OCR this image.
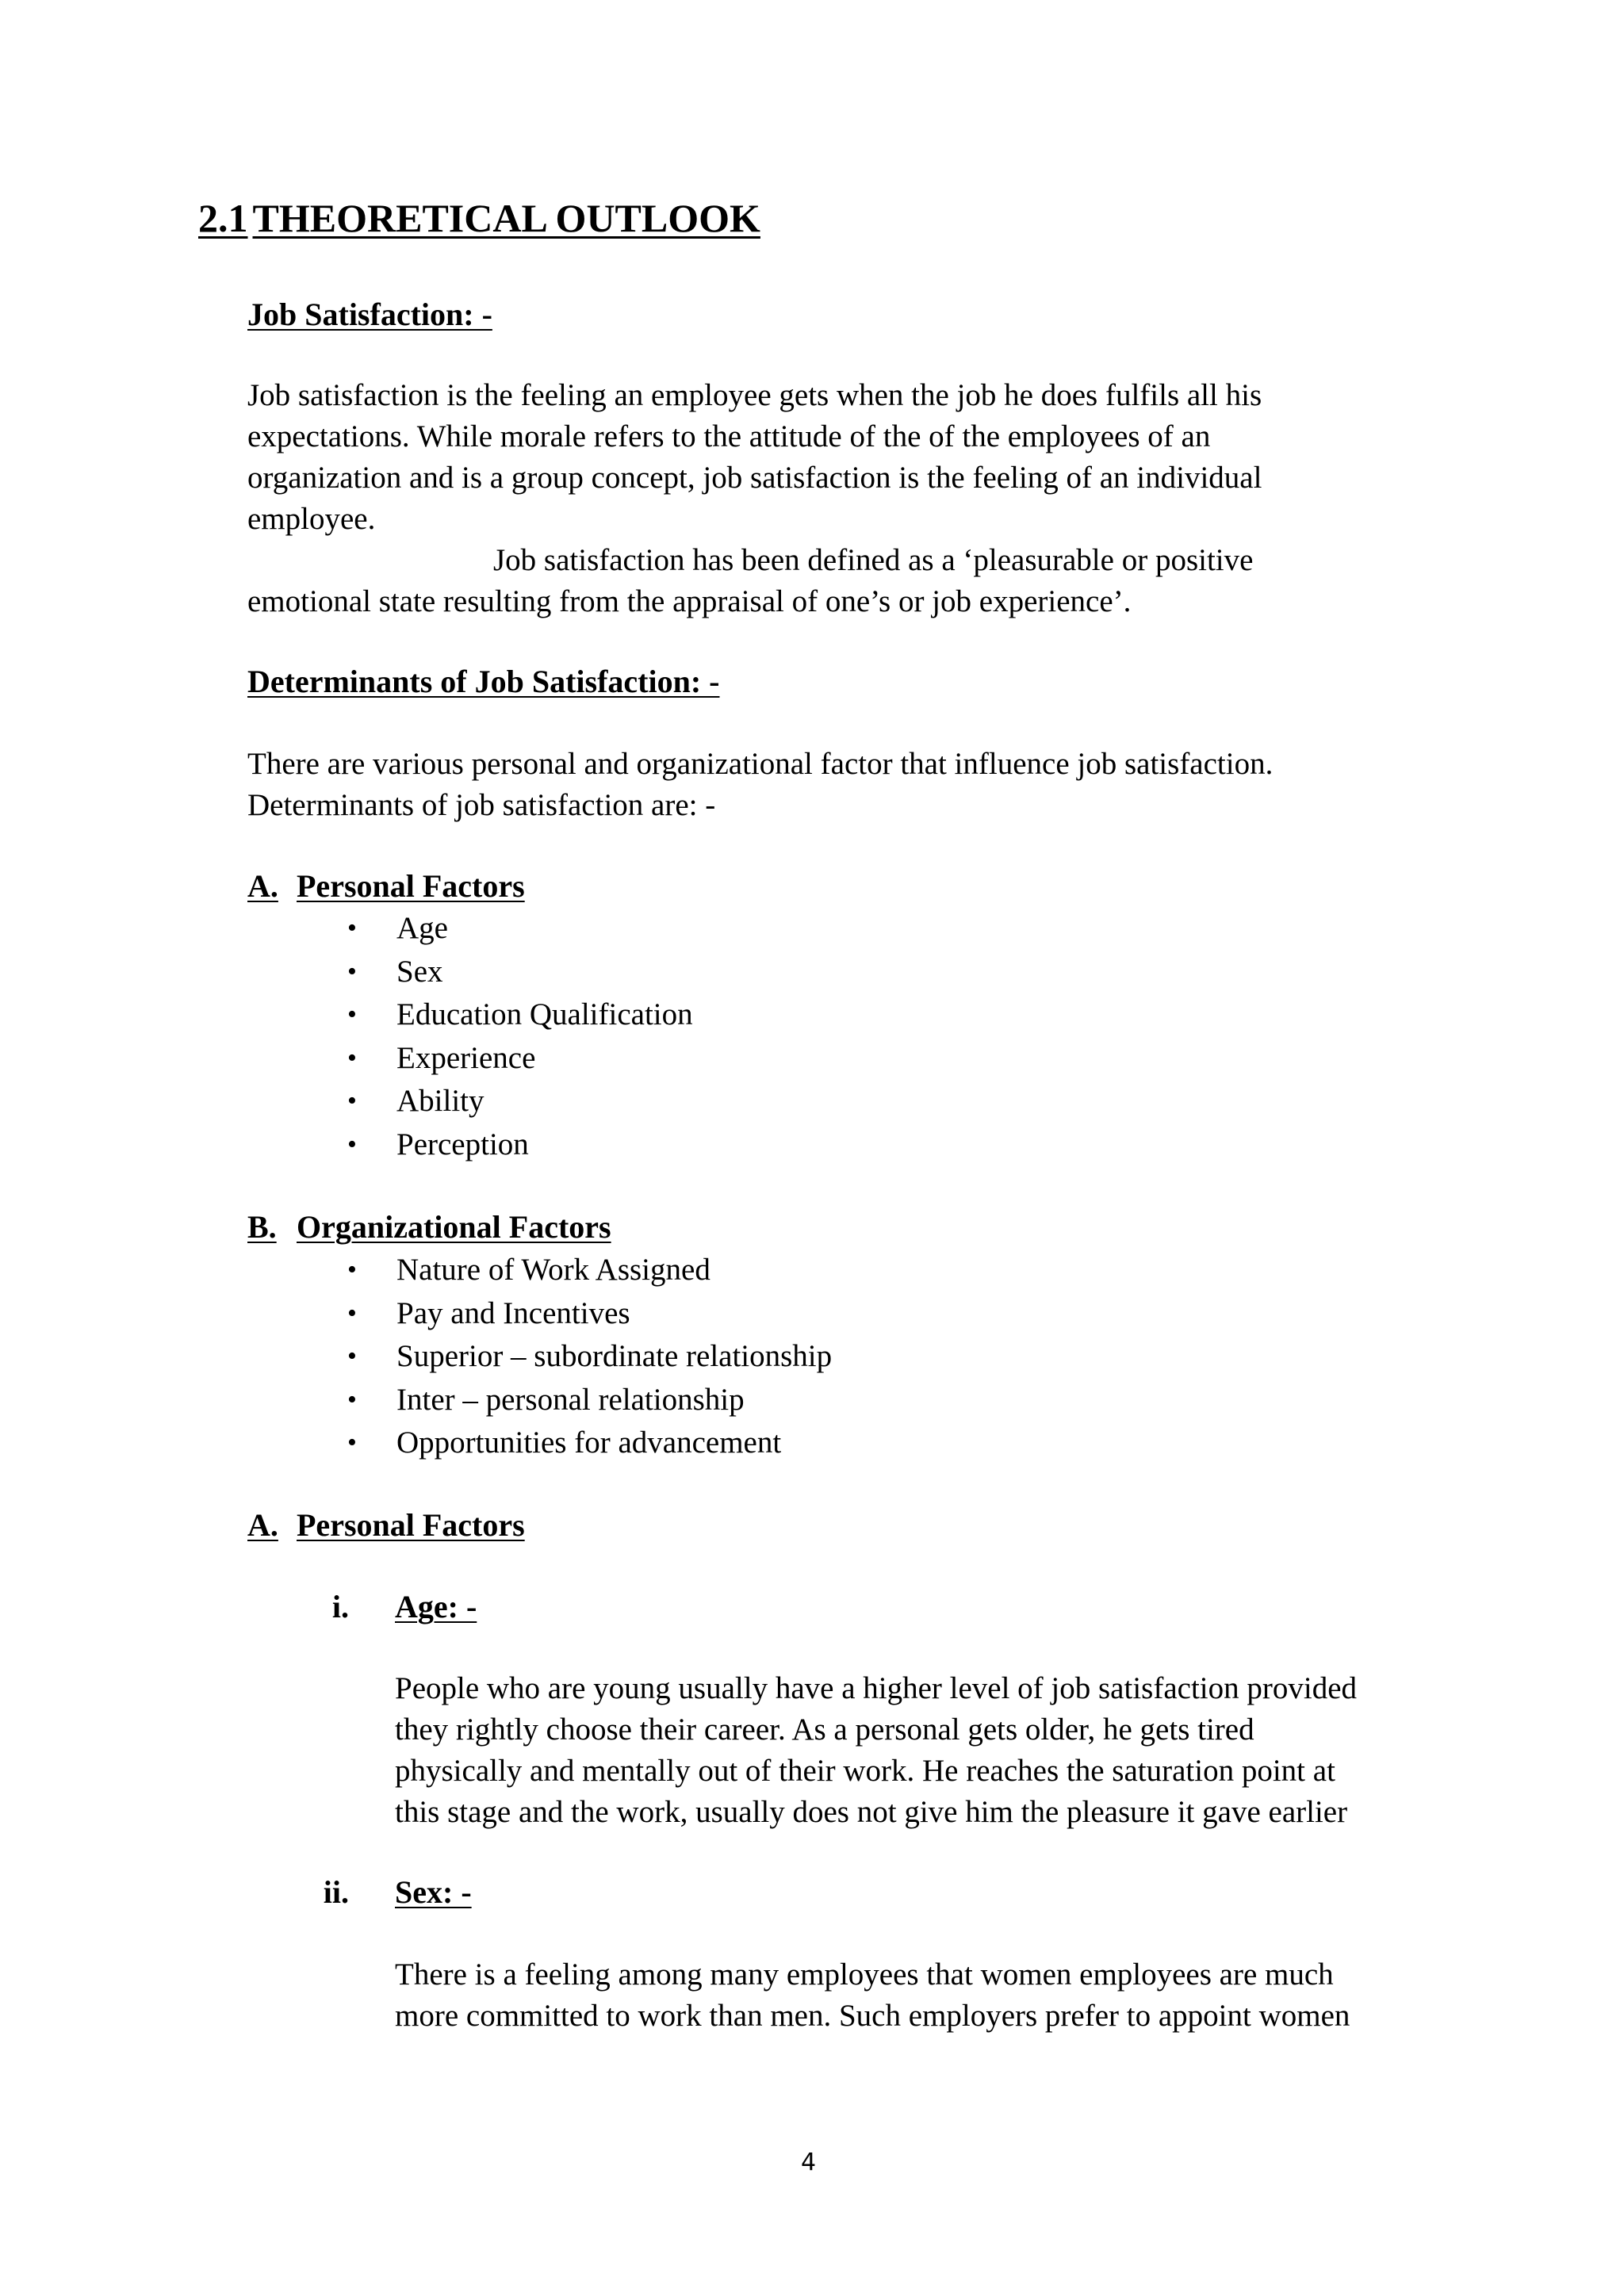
2.1 THEORETICAL OUTLOOK
Job Satisfaction: -
Job satisfaction is the feeling an employee gets when the job he does fulfils all his
expectations. While morale refers to the attitude of the of the employees of an
organization and is a group concept, job satisfaction is the feeling of an individual
employee.
Job satisfaction has been defined as a ‘pleasurable or positive
emotional state resulting from the appraisal of one’s or job experience’.
Determinants of Job Satisfaction: -
There are various personal and organizational factor that influence job satisfaction.
Determinants of job satisfaction are: -
A. Personal Factors
•	Age
•	Sex
•	Education Qualification
•	Experience
•	Ability
•	Perception
B. Organizational Factors
•	Nature of Work Assigned
•	Pay and Incentives
•	Superior – subordinate relationship
•	Inter – personal relationship
•	Opportunities for advancement
A. Personal Factors
i. Age: -
People who are young usually have a higher level of job satisfaction provided
they rightly choose their career. As a personal gets older, he gets tired
physically and mentally out of their work. He reaches the saturation point at
this stage and the work, usually does not give him the pleasure it gave earlier
ii. Sex: -
There is a feeling among many employees that women employees are much
more committed to work than men. Such employers prefer to appoint women
4
